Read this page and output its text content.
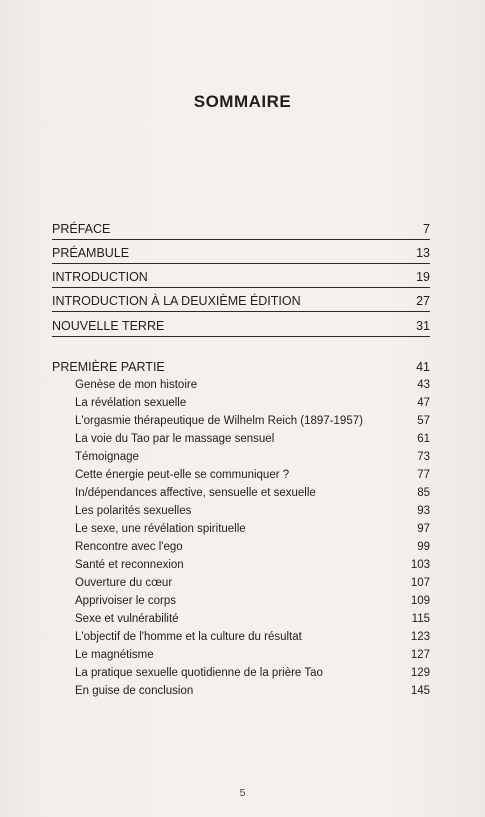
SOMMAIRE
PRÉFACE	7
PRÉAMBULE	13
INTRODUCTION	19
INTRODUCTION À LA DEUXIÈME ÉDITION	27
NOUVELLE TERRE	31
PREMIÈRE PARTIE	41
Genèse de mon histoire	43
La révélation sexuelle	47
L'orgasmie thérapeutique de Wilhelm Reich (1897-1957)	57
La voie du Tao par le massage sensuel	61
Témoignage	73
Cette énergie peut-elle se communiquer ?	77
In/dépendances affective, sensuelle et sexuelle	85
Les polarités sexuelles	93
Le sexe, une révélation spirituelle	97
Rencontre avec l'ego	99
Santé et reconnexion	103
Ouverture du cœur	107
Apprivoiser le corps	109
Sexe et vulnérabilité	115
L'objectif de l'homme et la culture du résultat	123
Le magnétisme	127
La pratique sexuelle quotidienne de la prière Tao	129
En guise de conclusion	145
5
